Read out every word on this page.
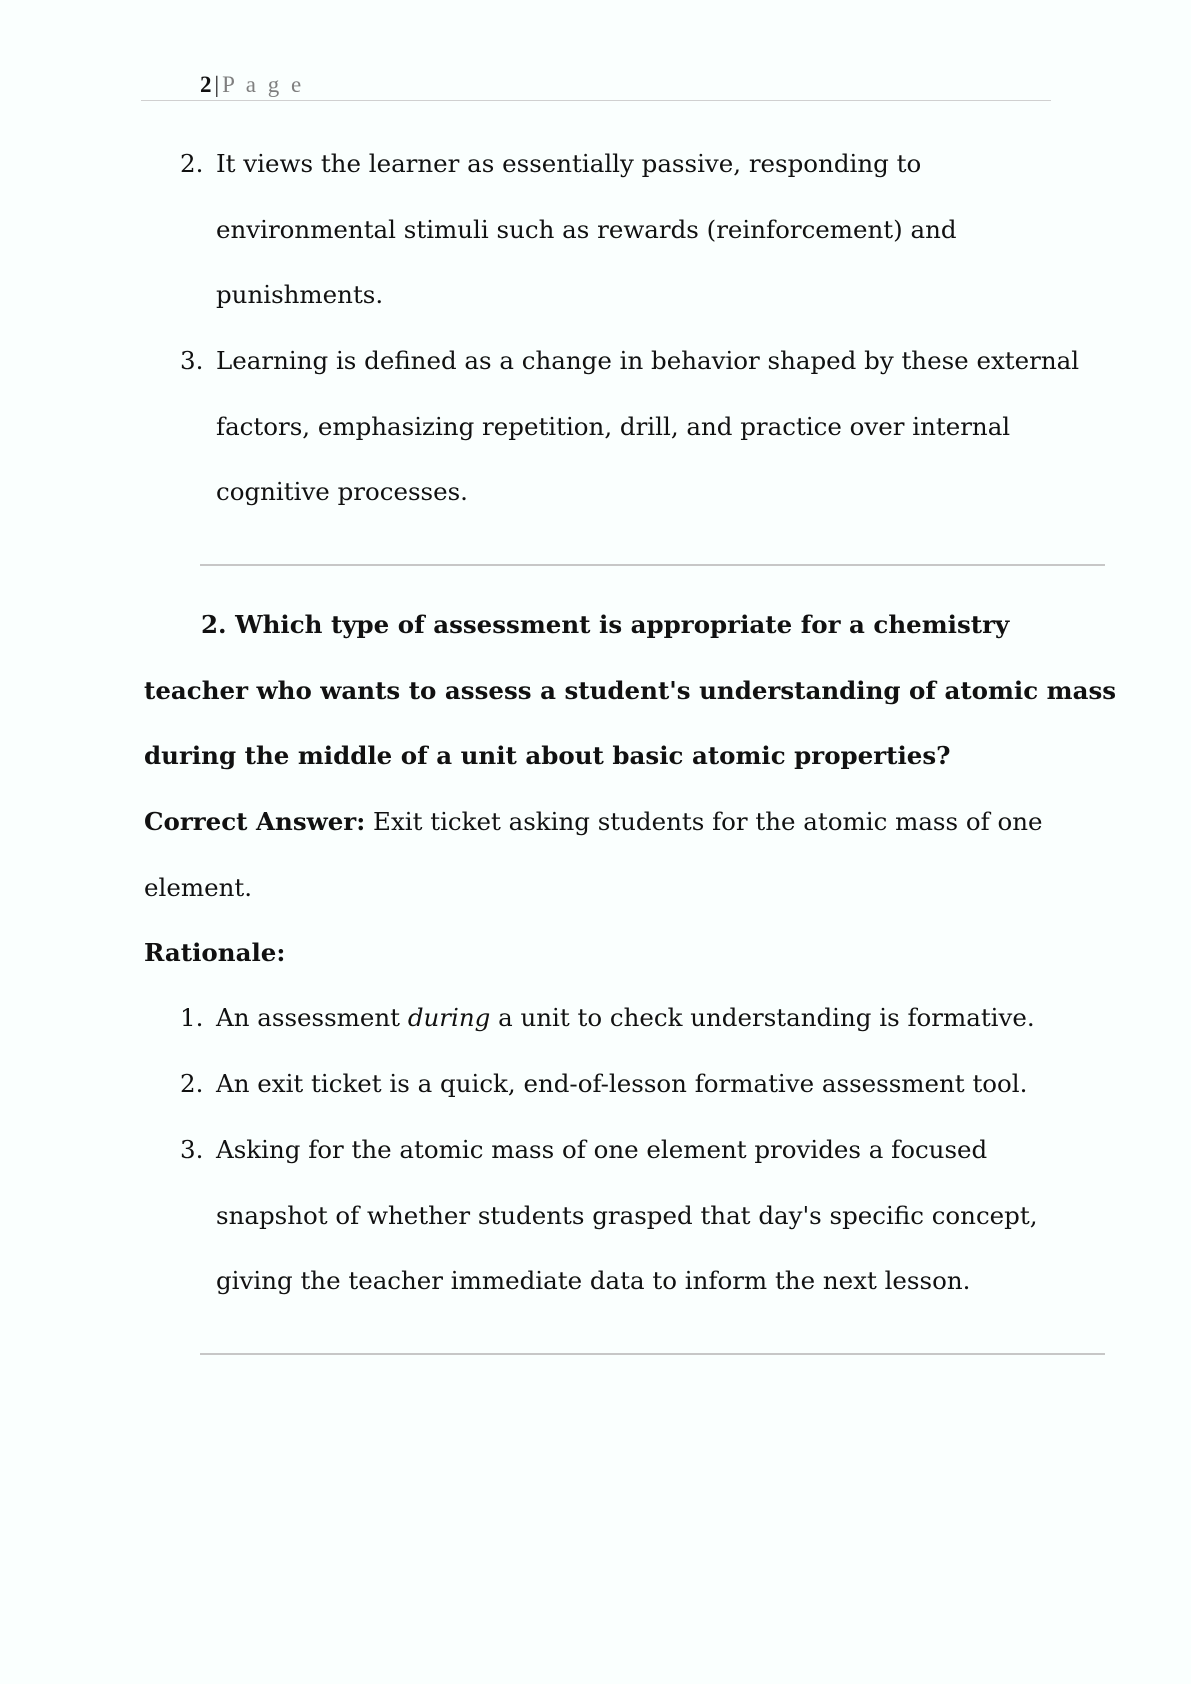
2 | P a g e
2. It views the learner as essentially passive, responding to
environmental stimuli such as rewards (reinforcement) and
punishments.
3. Learning is defined as a change in behavior shaped by these external
factors, emphasizing repetition, drill, and practice over internal
cognitive processes.
2. Which type of assessment is appropriate for a chemistry
teacher who wants to assess a student's understanding of atomic mass
during the middle of a unit about basic atomic properties?
Correct Answer: Exit ticket asking students for the atomic mass of one
element.
Rationale:
1. An assessment during a unit to check understanding is formative.
2. An exit ticket is a quick, end-of-lesson formative assessment tool.
3. Asking for the atomic mass of one element provides a focused
snapshot of whether students grasped that day's specific concept,
giving the teacher immediate data to inform the next lesson.
